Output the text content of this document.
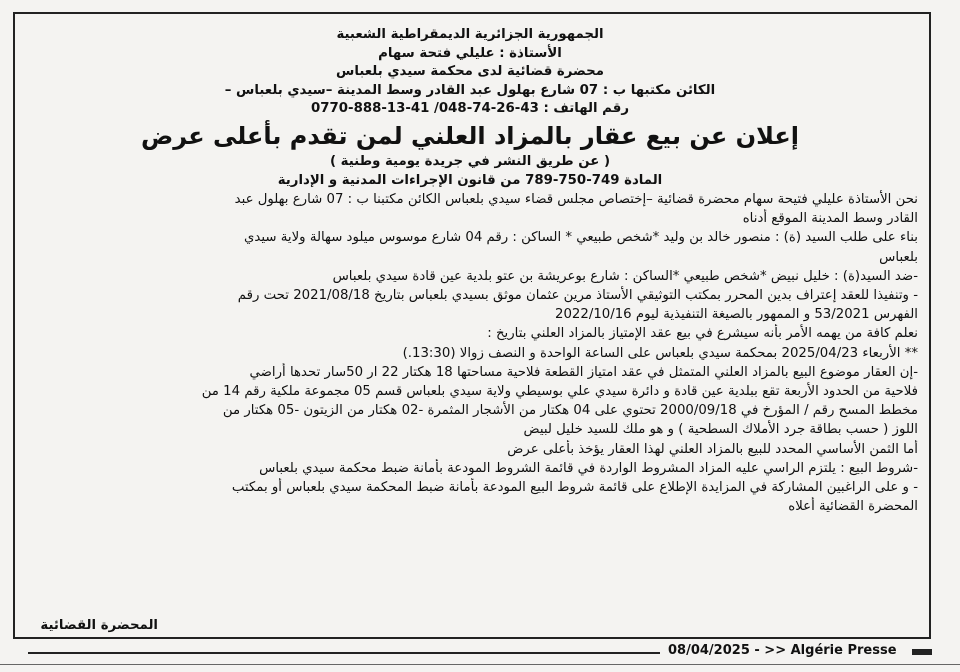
الجمهورية الجزائرية الديمقراطية الشعبية
الأستاذة : عليلي فتحة سهام
محضرة قضائية لدى محكمة سيدي بلعباس
الكائن مكتبها ب : 07 شارع بهلول عبد القادر وسط المدينة –سيدي بلعباس –
رقم الهاتف : 43-26-74-048/ 41-13-888-0770
إعلان عن بيع عقار بالمزاد العلني لمن تقدم بأعلى عرض
( عن طريق النشر في جريدة يومية وطنية )
المادة 749-750-789 من قانون الإجراءات المدنية و الإدارية
نحن الأستاذة عليلي فتيحة سهام محضرة قضائية –إختصاص مجلس قضاء سيدي بلعباس الكائن مكتبنا ب : 07 شارع بهلول عبد
القادر وسط المدينة الموقع أدناه
بناء على طلب السيد (ة) : منصور خالد بن وليد *شخص طبيعي * الساكن : رقم 04 شارع موسوس ميلود سهالة ولاية سيدي
بلعباس
-ضد السيد(ة) : خليل نبيض *شخص طبيعي *الساكن : شارع بوعريشة بن عتو بلدية عين قادة سيدي بلعباس
- وتنفيذا للعقد إعتراف بدين المحرر بمكتب التوثيقي الأستاذ مرين عثمان موثق بسيدي بلعباس بتاريخ 2021/08/18 تحت رقم
الفهرس 53/2021 و الممهور بالصيغة التنفيذية ليوم 2022/10/16
نعلم كافة من يهمه الأمر بأنه سيشرع في بيع عقد الإمتياز بالمزاد العلني بتاريخ :
** الأربعاء 2025/04/23 بمحكمة سيدي بلعباس على الساعة الواحدة و النصف زوالا (13:30.)
-إن العقار موضوع البيع بالمزاد العلني المتمثل في عقد امتياز القطعة فلاحية مساحتها 18 هكتار 22 ار 50سار تحدها أراضي
فلاحية من الحدود الأربعة تقع ببلدية عين قادة و دائرة سيدي علي بوسيطي ولاية سيدي بلعباس قسم 05 مجموعة ملكية رقم 14 من
مخطط المسح رقم / المؤرخ في 2000/09/18 تحتوي على 04 هكتار من الأشجار المثمرة -02 هكتار من الزيتون -05 هكتار من
اللوز ( حسب بطاقة جرد الأملاك السطحية ) و هو ملك للسيد خليل لبيض
أما الثمن الأساسي المحدد للبيع بالمزاد العلني لهذا العقار يؤخذ بأعلى عرض
-شروط البيع : يلتزم الراسي عليه المزاد المشروط الواردة في قائمة الشروط المودعة بأمانة ضبط محكمة سيدي بلعباس
- و على الراغبين المشاركة في المزايدة الإطلاع على قائمة شروط البيع المودعة بأمانة ضبط المحكمة سيدي بلعباس أو بمكتب
المحضرة القضائية أعلاه
المحضرة القضائية
08/04/2025 - >> Algérie Presse
